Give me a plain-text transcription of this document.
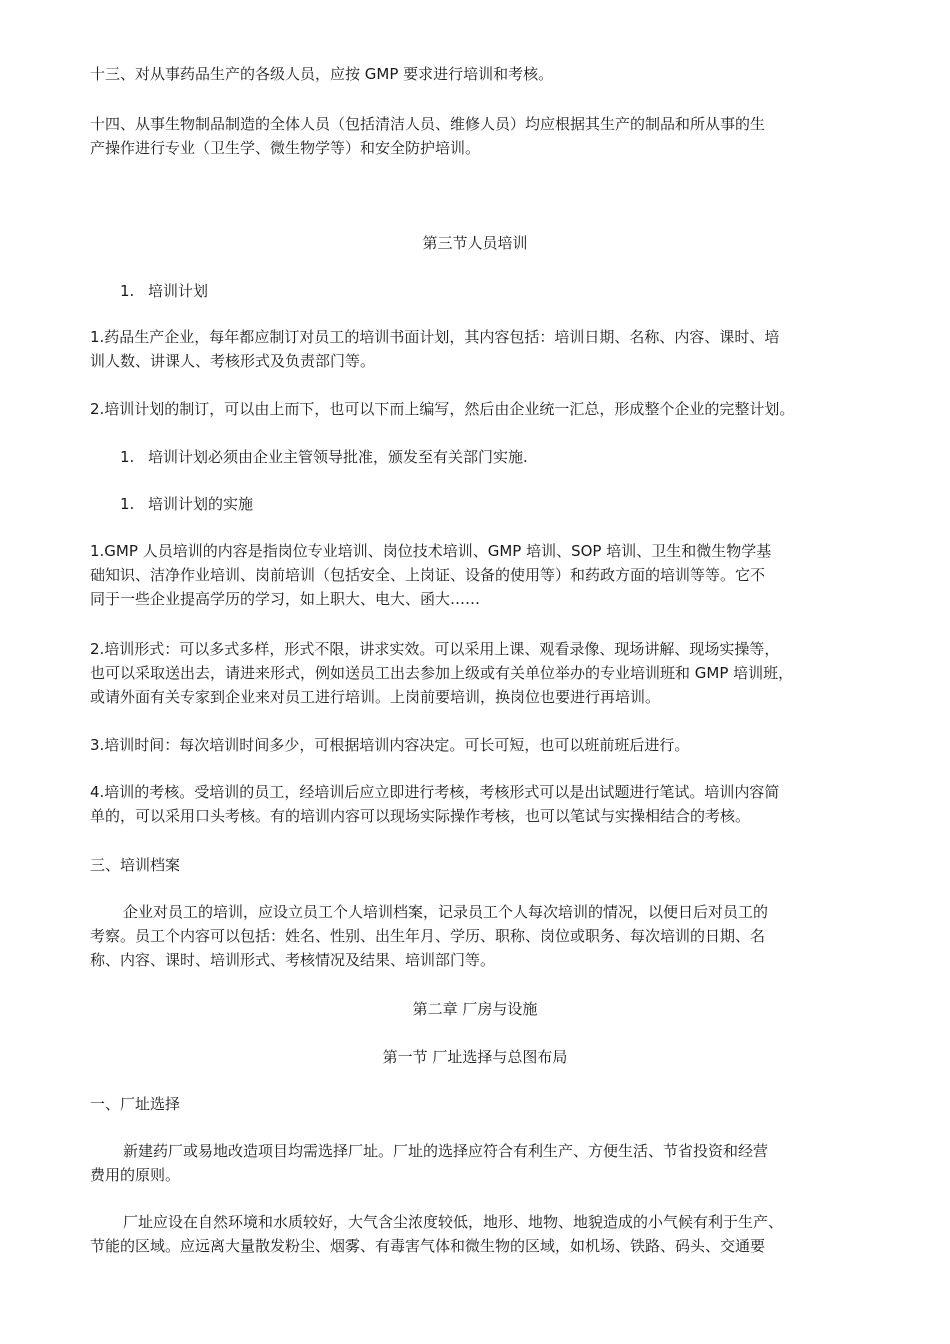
十三、对从事药品生产的各级人员，应按 GMP 要求进行培训和考核。
十四、从事生物制品制造的全体人员（包括清洁人员、维修人员）均应根据其生产的制品和所从事的生
产操作进行专业（卫生学、微生物学等）和安全防护培训。
第三节人员培训
1. 培训计划
1.药品生产企业，每年都应制订对员工的培训书面计划，其内容包括：培训日期、名称、内容、课时、培
训人数、讲课人、考核形式及负责部门等。
2.培训计划的制订，可以由上而下，也可以下而上编写，然后由企业统一汇总，形成整个企业的完整计划。
1. 培训计划必须由企业主管领导批准，颁发至有关部门实施.
1. 培训计划的实施
1.GMP 人员培训的内容是指岗位专业培训、岗位技术培训、GMP 培训、SOP 培训、卫生和微生物学基
础知识、洁净作业培训、岗前培训（包括安全、上岗证、设备的使用等）和药政方面的培训等等。它不
同于一些企业提高学历的学习，如上职大、电大、函大……
2.培训形式：可以多式多样，形式不限，讲求实效。可以采用上课、观看录像、现场讲解、现场实操等，
也可以采取送出去，请进来形式，例如送员工出去参加上级或有关单位举办的专业培训班和 GMP 培训班，
或请外面有关专家到企业来对员工进行培训。上岗前要培训，换岗位也要进行再培训。
3.培训时间：每次培训时间多少，可根据培训内容决定。可长可短，也可以班前班后进行。
4.培训的考核。受培训的员工，经培训后应立即进行考核，考核形式可以是出试题进行笔试。培训内容简
单的，可以采用口头考核。有的培训内容可以现场实际操作考核，也可以笔试与实操相结合的考核。
三、培训档案
企业对员工的培训，应设立员工个人培训档案，记录员工个人每次培训的情况，以便日后对员工的
考察。员工个内容可以包括：姓名、性别、出生年月、学历、职称、岗位或职务、每次培训的日期、名
称、内容、课时、培训形式、考核情况及结果、培训部门等。
第二章 厂房与设施
第一节 厂址选择与总图布局
一、厂址选择
新建药厂或易地改造项目均需选择厂址。厂址的选择应符合有利生产、方便生活、节省投资和经营
费用的原则。
厂址应设在自然环境和水质较好，大气含尘浓度较低，地形、地物、地貌造成的小气候有利于生产、
节能的区域。应远离大量散发粉尘、烟雾、有毒害气体和微生物的区域，如机场、铁路、码头、交通要
